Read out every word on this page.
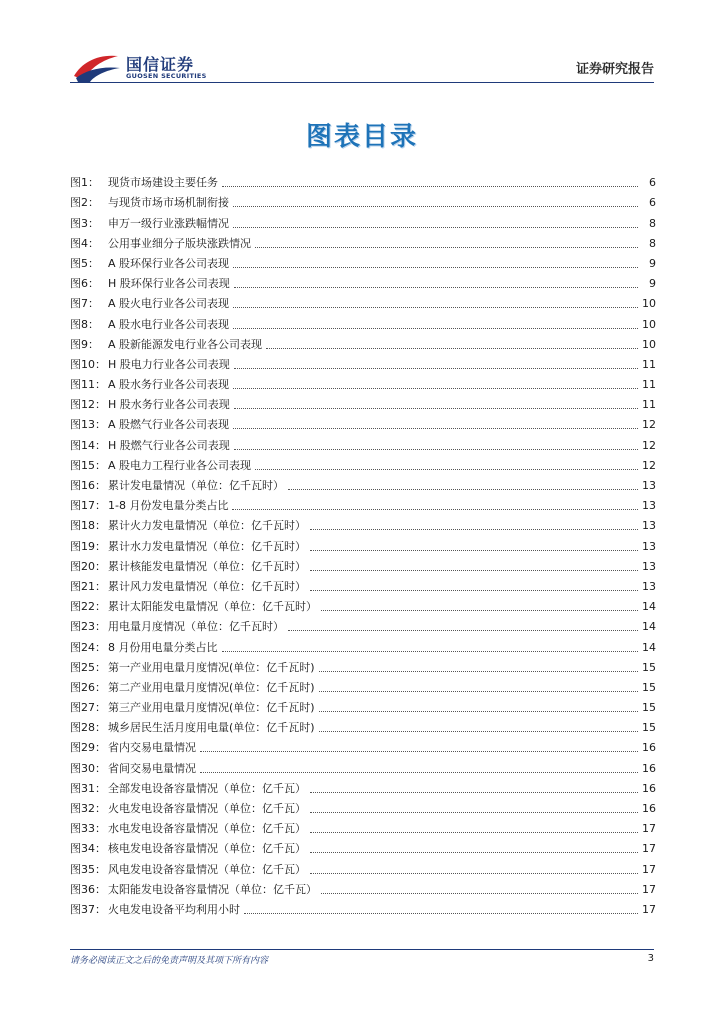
国信证券
GUOSEN SECURITIES	证券研究报告
图表目录
图1： 现货市场建设主要任务	6
图2： 与现货市场市场机制衔接	6
图3： 申万一级行业涨跌幅情况	8
图4： 公用事业细分子版块涨跌情况	8
图5： A 股环保行业各公司表现	9
图6： H 股环保行业各公司表现	9
图7： A 股火电行业各公司表现	10
图8： A 股水电行业各公司表现	10
图9： A 股新能源发电行业各公司表现	10
图10： H 股电力行业各公司表现	11
图11： A 股水务行业各公司表现	11
图12： H 股水务行业各公司表现	11
图13： A 股燃气行业各公司表现	12
图14： H 股燃气行业各公司表现	12
图15： A 股电力工程行业各公司表现	12
图16： 累计发电量情况（单位：亿千瓦时）	13
图17： 1-8 月份发电量分类占比	13
图18： 累计火力发电量情况（单位：亿千瓦时）	13
图19： 累计水力发电量情况（单位：亿千瓦时）	13
图20： 累计核能发电量情况（单位：亿千瓦时）	13
图21： 累计风力发电量情况（单位：亿千瓦时）	13
图22： 累计太阳能发电量情况（单位：亿千瓦时）	14
图23： 用电量月度情况（单位：亿千瓦时）	14
图24： 8 月份用电量分类占比	14
图25： 第一产业用电量月度情况(单位：亿千瓦时)	15
图26： 第二产业用电量月度情况(单位：亿千瓦时)	15
图27： 第三产业用电量月度情况(单位：亿千瓦时)	15
图28： 城乡居民生活月度用电量(单位：亿千瓦时)	15
图29： 省内交易电量情况	16
图30： 省间交易电量情况	16
图31： 全部发电设备容量情况（单位：亿千瓦）	16
图32： 火电发电设备容量情况（单位：亿千瓦）	16
图33： 水电发电设备容量情况（单位：亿千瓦）	17
图34： 核电发电设备容量情况（单位：亿千瓦）	17
图35： 风电发电设备容量情况（单位：亿千瓦）	17
图36： 太阳能发电设备容量情况（单位：亿千瓦）	17
图37： 火电发电设备平均利用小时	17
请务必阅读正文之后的免责声明及其项下所有内容	3
